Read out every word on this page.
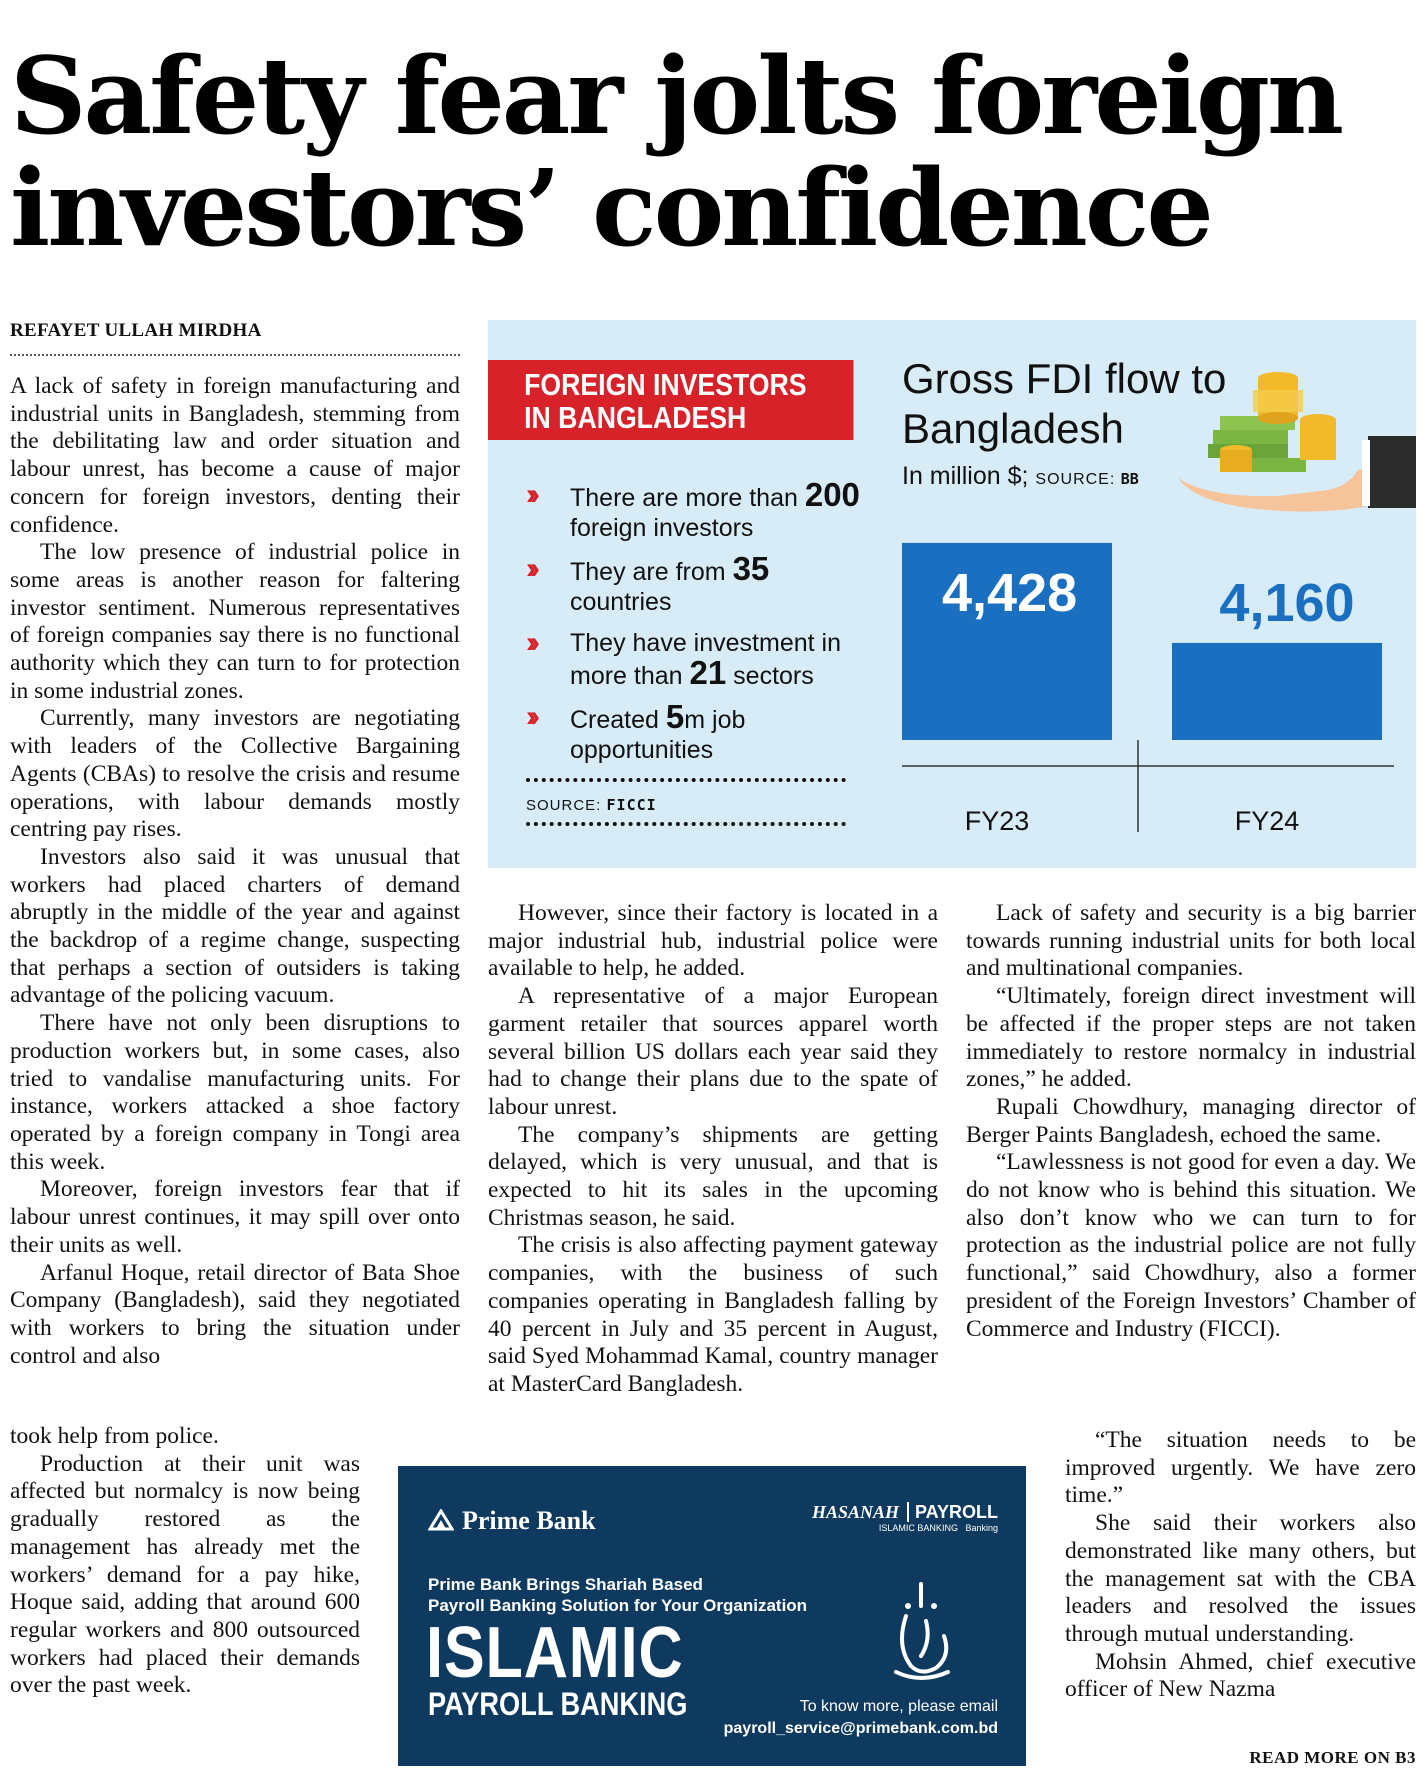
Safety fear jolts foreign
investors’ confidence
REFAYET ULLAH MIRDHA
FOREIGN INVESTORS
IN BANGLADESH
›› There are more than 200 foreign investors
›› They are from 35 countries
›› They have investment in more than 21 sectors
›› Created 5m job opportunities
SOURCE: FICCI
Gross FDI flow to
Bangladesh
In million $; SOURCE: BB
4,428
FY23
4,160
FY24

A lack of safety in foreign manufacturing and industrial units in Bangladesh, stemming from the debilitating law and order situation and labour unrest, has become a cause of major concern for foreign investors, denting their confidence.

The low presence of industrial police in some areas is another reason for faltering investor sentiment. Numerous representatives of foreign companies say there is no functional authority which they can turn to for protection in some industrial zones.

Currently, many investors are negotiating with leaders of the Collective Bargaining Agents (CBAs) to resolve the crisis and resume operations, with labour demands mostly centring pay rises.

Investors also said it was unusual that workers had placed charters of demand abruptly in the middle of the year and against the backdrop of a regime change, suspecting that perhaps a section of outsiders is taking advantage of the policing vacuum.

There have not only been disruptions to production workers but, in some cases, also tried to vandalise manufacturing units. For instance, workers attacked a shoe factory operated by a foreign company in Tongi area this week.

Moreover, foreign investors fear that if labour unrest continues, it may spill over onto their units as well.

Arfanul Hoque, retail director of Bata Shoe Company (Bangladesh), said they negotiated with workers to bring the situation under control and also

took help from police.

Production at their unit was affected but normalcy is now being gradually restored as the management has already met the workers’ demand for a pay hike, Hoque said, adding that around 600 regular workers and 800 outsourced workers had placed their demands over the past week.

However, since their factory is located in a major industrial hub, industrial police were available to help, he added.

A representative of a major European garment retailer that sources apparel worth several billion US dollars each year said they had to change their plans due to the spate of labour unrest.

The company’s shipments are getting delayed, which is very unusual, and that is expected to hit its sales in the upcoming Christmas season, he said.

The crisis is also affecting payment gateway companies, with the business of such companies operating in Bangladesh falling by 40 percent in July and 35 percent in August, said Syed Mohammad Kamal, country manager at MasterCard Bangladesh.

Lack of safety and security is a big barrier towards running industrial units for both local and multinational companies.

“Ultimately, foreign direct investment will be affected if the proper steps are not taken immediately to restore normalcy in industrial zones,” he added.

Rupali Chowdhury, managing director of Berger Paints Bangladesh, echoed the same.

“Lawlessness is not good for even a day. We do not know who is behind this situation. We also don’t know who we can turn to for protection as the industrial police are not fully functional,” said Chowdhury, also a former president of the Foreign Investors’ Chamber of Commerce and Industry (FICCI).

“The situation needs to be improved urgently. We have zero time.”

She said their workers also demonstrated like many others, but the management sat with the CBA leaders and resolved the issues through mutual understanding.

Mohsin Ahmed, chief executive officer of New Nazma

READ MORE ON B3
Prime Bank	HASANAH PAYROLL
ISLAMIC BANKING Banking
Prime Bank Brings Shariah Based
Payroll Banking Solution for Your Organization
ISLAMIC
PAYROLL BANKING	To know more, please email
payroll_service@primebank.com.bd
